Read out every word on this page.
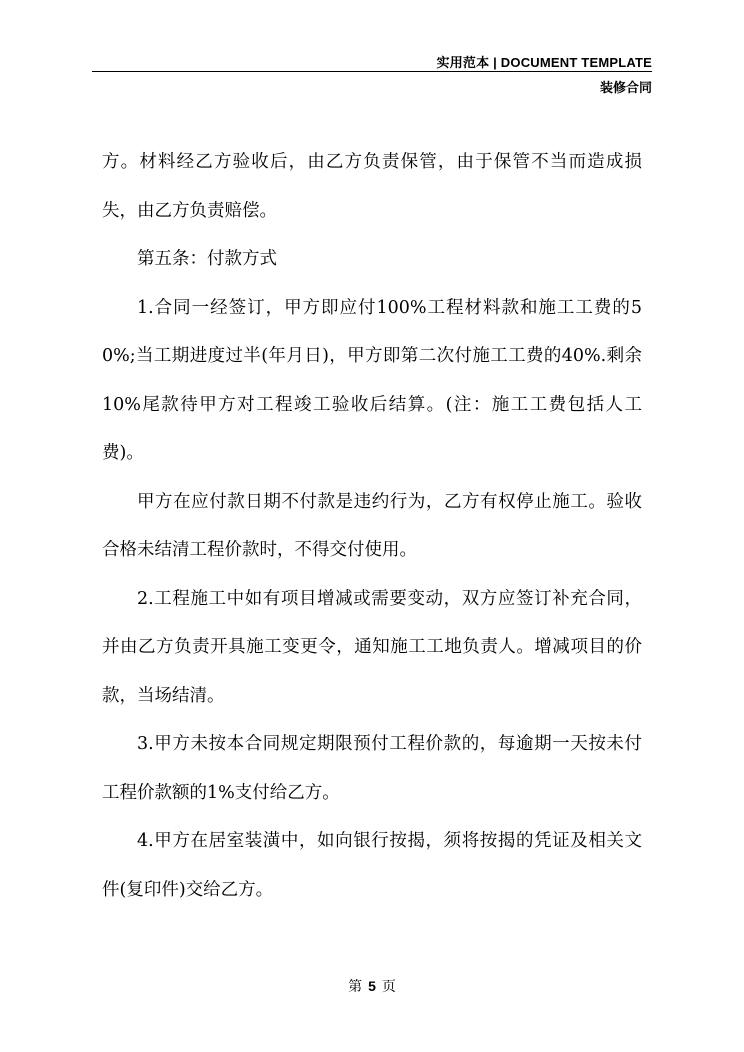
实用范本 | DOCUMENT TEMPLATE
装修合同

方。材料经乙方验收后，由乙方负责保管，由于保管不当而造成损失，由乙方负责赔偿。

第五条：付款方式

1.合同一经签订，甲方即应付100%工程材料款和施工工费的50%;当工期进度过半(年月日)，甲方即第二次付施工工费的40%.剩余10%尾款待甲方对工程竣工验收后结算。(注：施工工费包括人工费)。

甲方在应付款日期不付款是违约行为，乙方有权停止施工。验收合格未结清工程价款时，不得交付使用。

2.工程施工中如有项目增减或需要变动，双方应签订补充合同，并由乙方负责开具施工变更令，通知施工工地负责人。增减项目的价款，当场结清。

3.甲方未按本合同规定期限预付工程价款的，每逾期一天按未付工程价款额的1%支付给乙方。

4.甲方在居室装潢中，如向银行按揭，须将按揭的凭证及相关文件(复印件)交给乙方。

第 5 页
